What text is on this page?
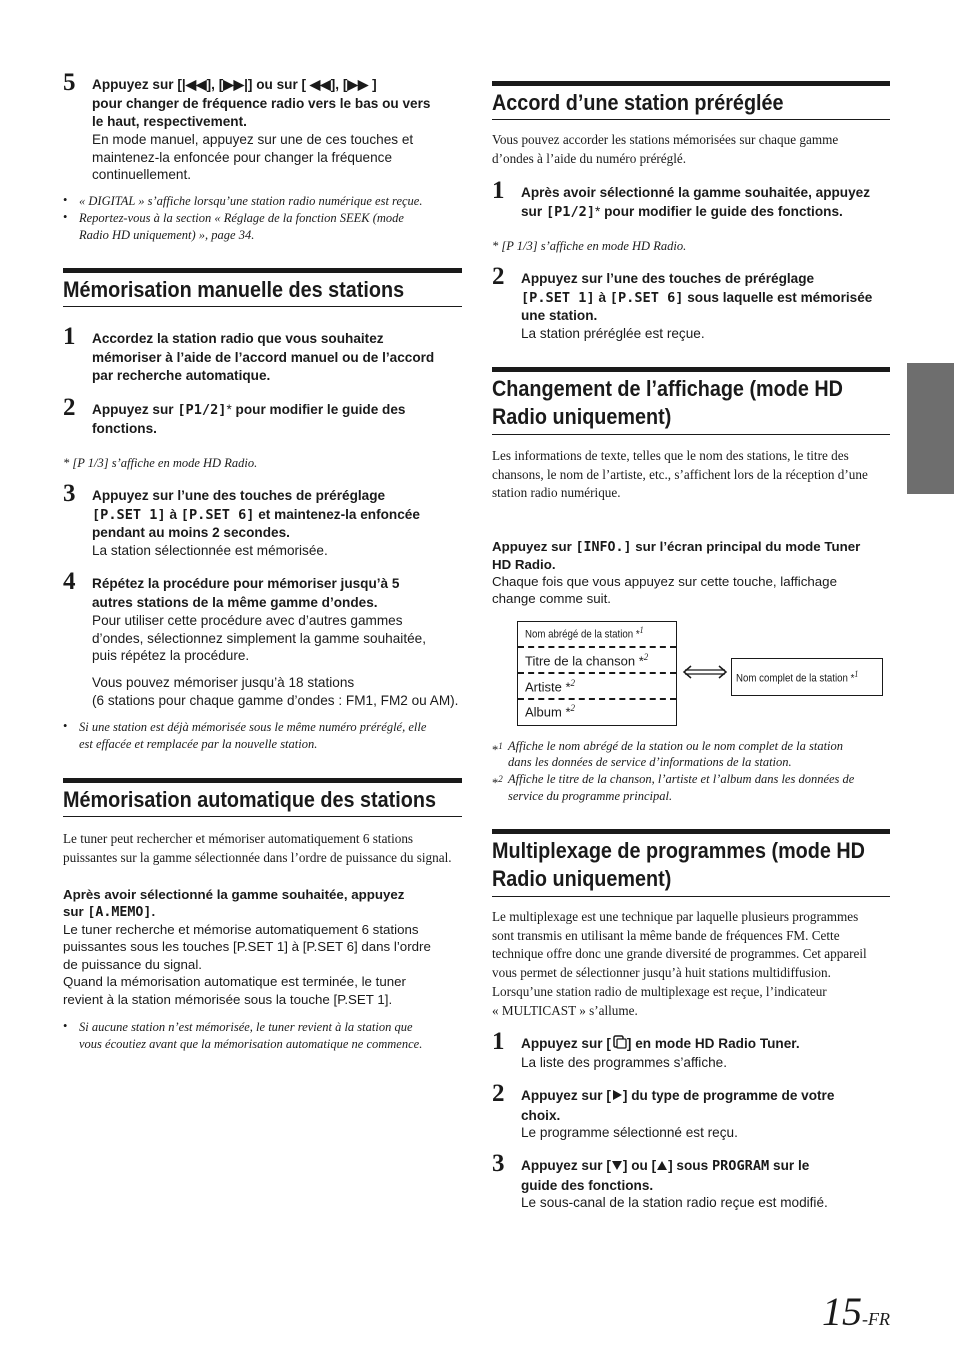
5 Appuyez sur [|◀◀], [▶▶|] ou sur [ ◀◀], [▶▶ ]
pour changer de fréquence radio vers le bas ou vers
le haut, respectivement.
En mode manuel, appuyez sur une de ces touches et
maintenez-la enfoncée pour changer la fréquence
continuellement.
• « DIGITAL » s’affiche lorsqu’une station radio numérique est reçue.
• Reportez-vous à la section « Réglage de la fonction SEEK (mode
Radio HD uniquement) », page 34.
Mémorisation manuelle des stations
1 Accordez la station radio que vous souhaitez
mémoriser à l’aide de l’accord manuel ou de l’accord
par recherche automatique.
2 Appuyez sur [P1/2]* pour modifier le guide des
fonctions.
* [P 1/3] s’affiche en mode HD Radio.
3 Appuyez sur l’une des touches de préréglage
[P.SET 1] à [P.SET 6] et maintenez-la enfoncée
pendant au moins 2 secondes.
La station sélectionnée est mémorisée.
4 Répétez la procédure pour mémoriser jusqu’à 5
autres stations de la même gamme d’ondes.
Pour utiliser cette procédure avec d’autres gammes
d’ondes, sélectionnez simplement la gamme souhaitée,
puis répétez la procédure.
Vous pouvez mémoriser jusqu’à 18 stations
(6 stations pour chaque gamme d’ondes : FM1, FM2 ou AM).
• Si une station est déjà mémorisée sous le même numéro préréglé, elle
est effacée et remplacée par la nouvelle station.
Mémorisation automatique des stations
Le tuner peut rechercher et mémoriser automatiquement 6 stations
puissantes sur la gamme sélectionnée dans l’ordre de puissance du signal.
Après avoir sélectionné la gamme souhaitée, appuyez
sur [A.MEMO].
Le tuner recherche et mémorise automatiquement 6 stations
puissantes sous les touches [P.SET 1] à [P.SET 6] dans l’ordre
de puissance du signal.
Quand la mémorisation automatique est terminée, le tuner
revient à la station mémorisée sous la touche [P.SET 1].
• Si aucune station n’est mémorisée, le tuner revient à la station que
vous écoutiez avant que la mémorisation automatique ne commence.
Accord d’une station préréglée
Vous pouvez accorder les stations mémorisées sur chaque gamme
d’ondes à l’aide du numéro préréglé.
1 Après avoir sélectionné la gamme souhaitée, appuyez
sur [P1/2]* pour modifier le guide des fonctions.
* [P 1/3] s’affiche en mode HD Radio.
2 Appuyez sur l’une des touches de préréglage
[P.SET 1] à [P.SET 6] sous laquelle est mémorisée
une station.
La station préréglée est reçue.
Changement de l’affichage (mode HD
Radio uniquement)
Les informations de texte, telles que le nom des stations, le titre des
chansons, le nom de l’artiste, etc., s’affichent lors de la réception d’une
station radio numérique.
Appuyez sur [INFO.] sur l’écran principal du mode Tuner
HD Radio.
Chaque fois que vous appuyez sur cette touche, laffichage
change comme suit.
Nom abrégé de la station *$^1$
Titre de la chanson *$^2$
Artiste *$^2$
Album *$^2$
Nom complet de la station *$^1$
*$^1$ Affiche le nom abrégé de la station ou le nom complet de la station
dans les données de service d’informations de la station.
*$^2$ Affiche le titre de la chanson, l’artiste et l’album dans les données de
service du programme principal.
Multiplexage de programmes (mode HD
Radio uniquement)
Le multiplexage est une technique par laquelle plusieurs programmes
sont transmis en utilisant la même bande de fréquences FM. Cette
technique offre donc une grande diversité de programmes. Cet appareil
vous permet de sélectionner jusqu’à huit stations multidiffusion.
Lorsqu’une station radio de multiplexage est reçue, l’indicateur
« MULTICAST » s’allume.
1 Appuyez sur [ ] en mode HD Radio Tuner.
La liste des programmes s’affiche.
2 Appuyez sur [ ] du type de programme de votre
choix.
Le programme sélectionné est reçu.
3 Appuyez sur [ ] ou [ ] sous PROGRAM sur le
guide des fonctions.
Le sous-canal de la station radio reçue est modifié.
15-FR
